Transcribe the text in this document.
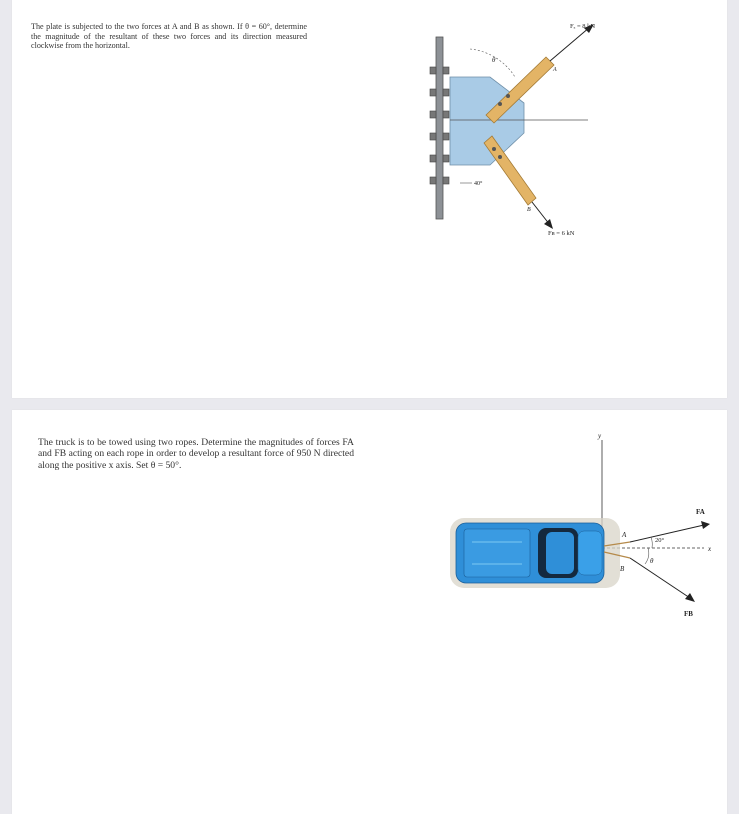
The plate is subjected to the two forces at A and B as shown. If θ = 60°, determine the magnitude of the resultant of these two forces and its direction measured clockwise from the horizontal.

Fₐ = 8 kN
Fʙ = 6 kN
θ
40°
A
B

The truck is to be towed using two ropes. Determine the magnitudes of forces FA and FB acting on each rope in order to develop a resultant force of 950 N directed along the positive x axis. Set θ = 50°.

y
x
FA
FB
20°
θ
A
B
